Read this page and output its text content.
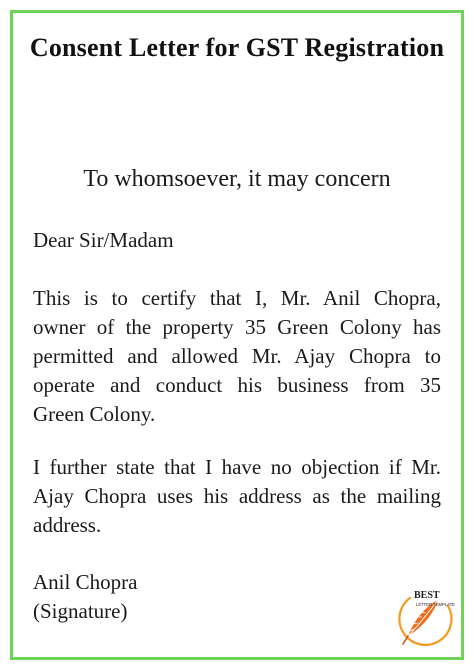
Consent Letter for GST Registration
To whomsoever, it may concern
Dear Sir/Madam
This is to certify that I, Mr. Anil Chopra,
owner of the property 35 Green Colony has
permitted and allowed Mr. Ajay Chopra to
operate and conduct his business from 35
Green Colony.
I further state that I have no objection if Mr.
Ajay Chopra uses his address as the mailing
address.
Anil Chopra
(Signature)
BEST
LETTER TEMPLATE
